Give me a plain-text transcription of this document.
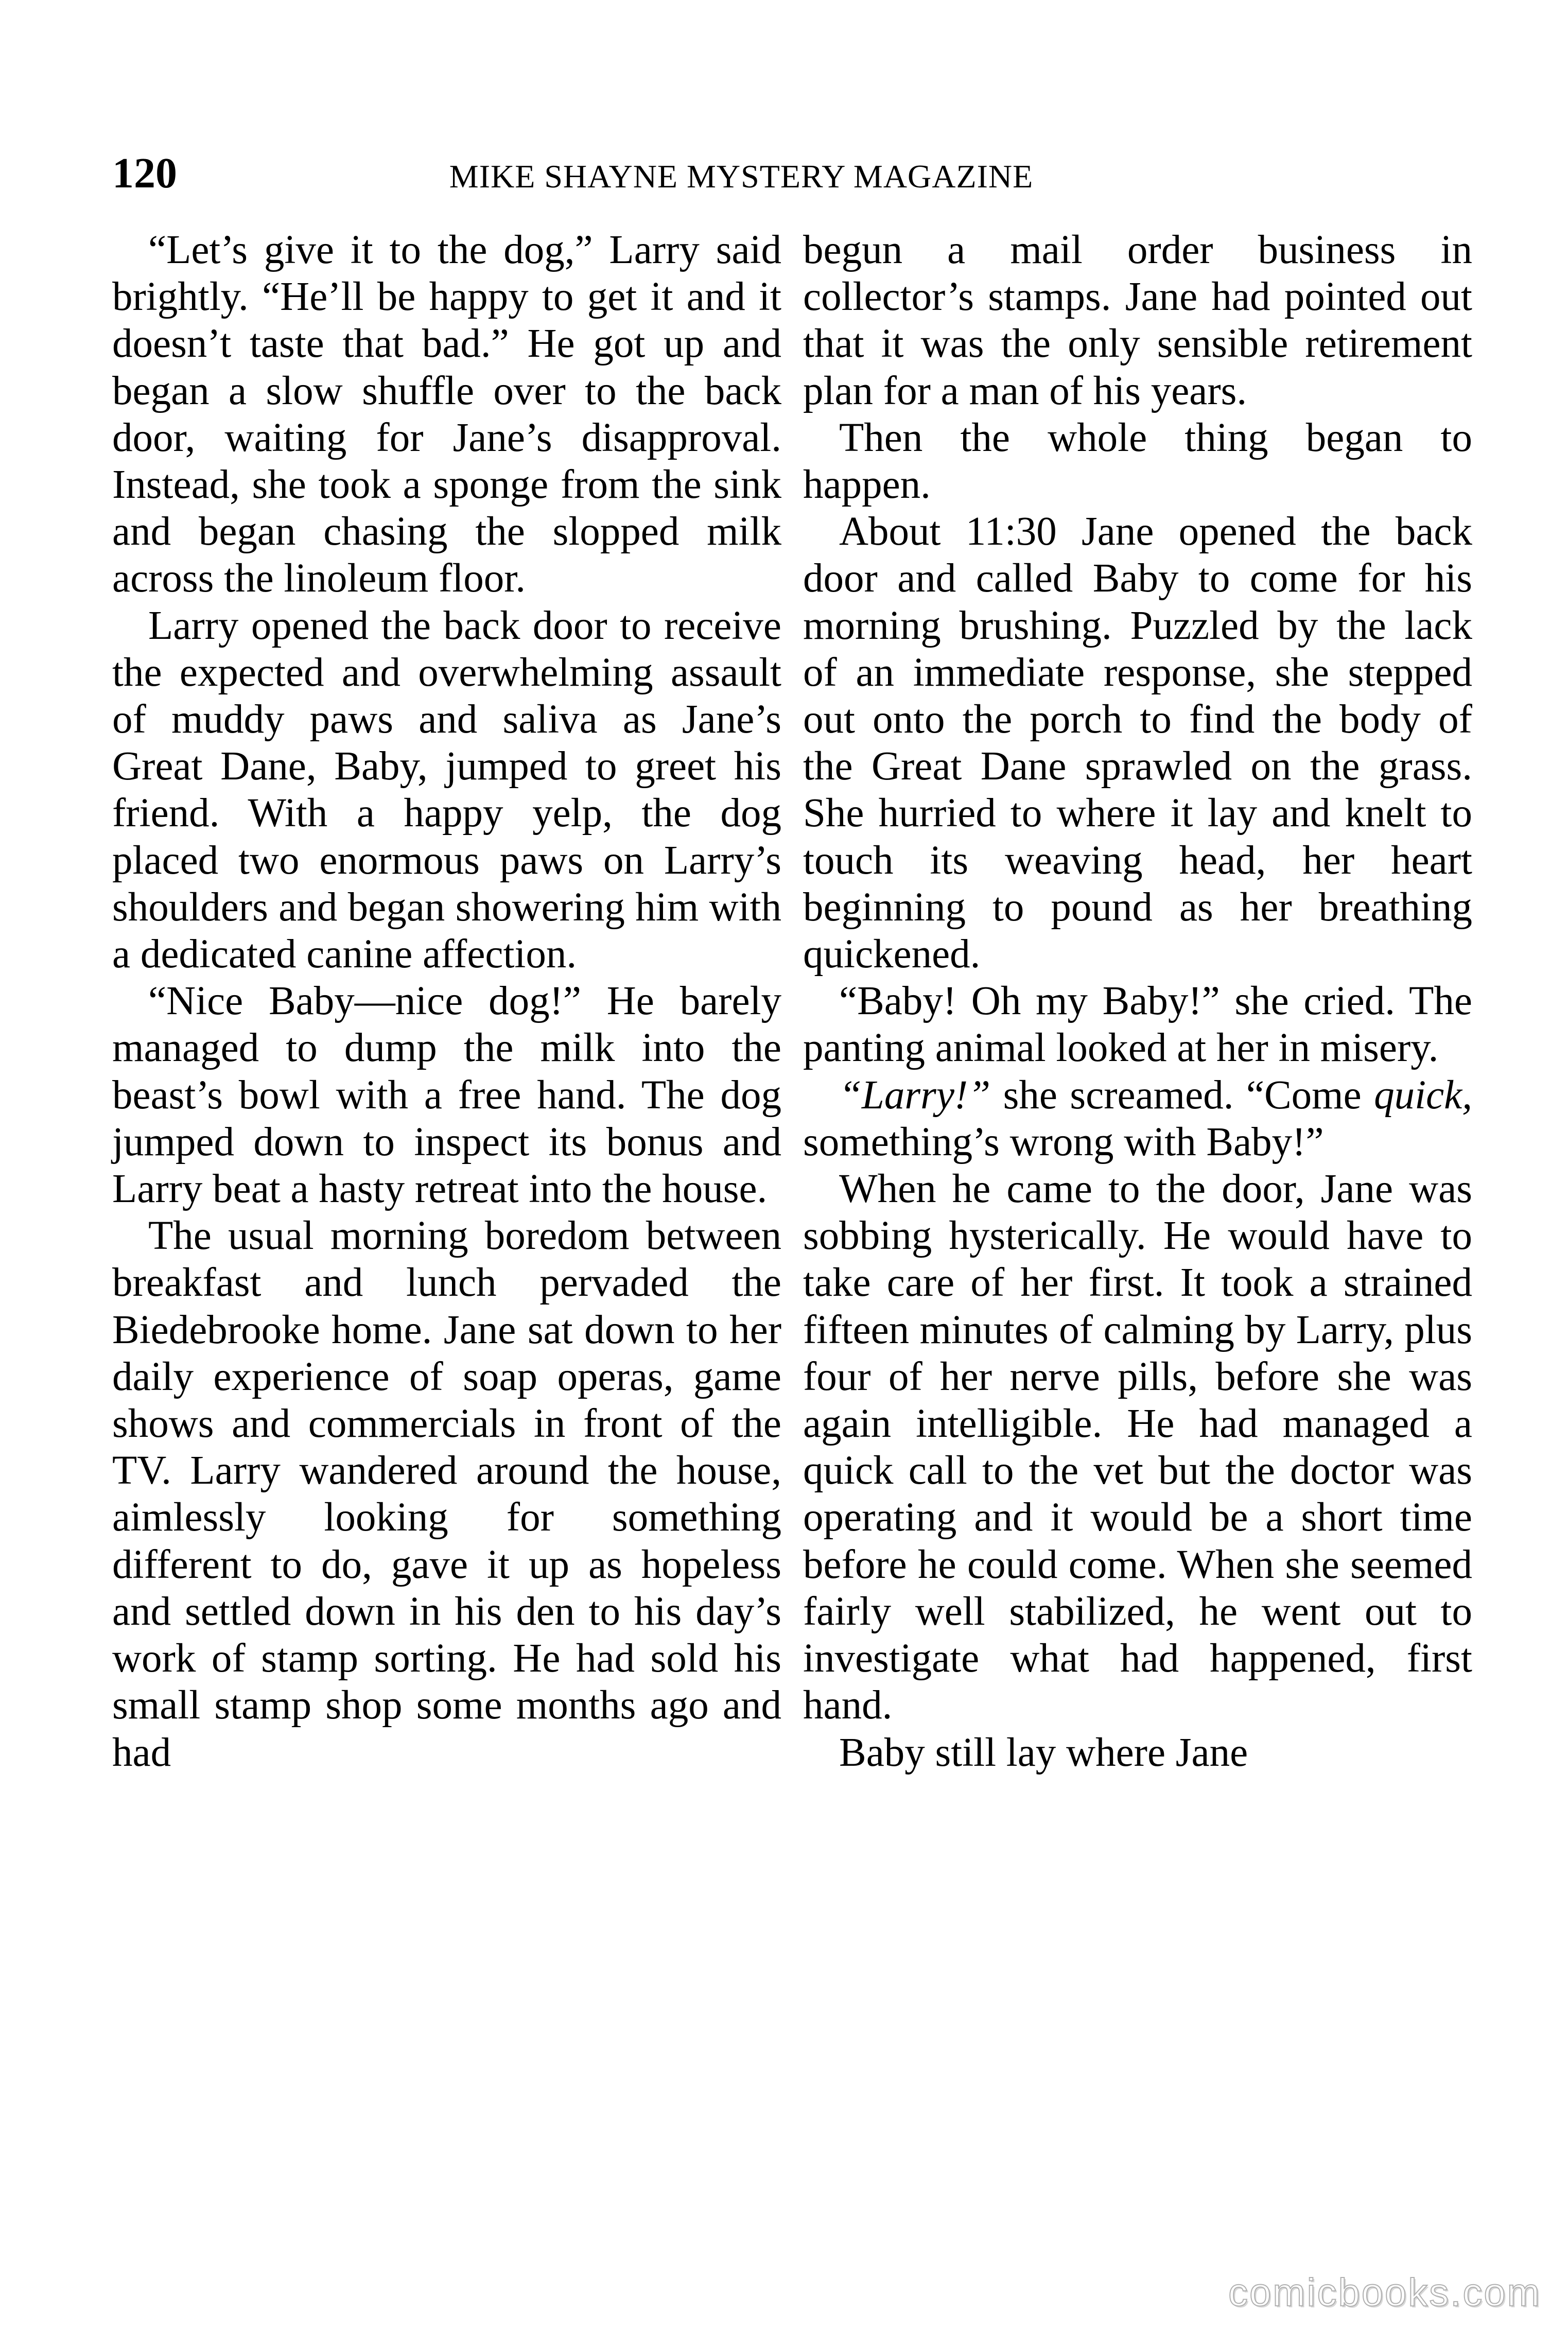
120	MIKE SHAYNE MYSTERY MAGAZINE

“Let’s give it to the dog,” Larry said brightly. “He’ll be happy to get it and it doesn’t taste that bad.” He got up and began a slow shuffle over to the back door, waiting for Jane’s disapproval. Instead, she took a sponge from the sink and began chasing the slopped milk across the linoleum floor.

Larry opened the back door to receive the expected and overwhelming assault of muddy paws and saliva as Jane’s Great Dane, Baby, jumped to greet his friend. With a happy yelp, the dog placed two enormous paws on Larry’s shoulders and began showering him with a dedicated canine affection.

“Nice Baby—nice dog!” He barely managed to dump the milk into the beast’s bowl with a free hand. The dog jumped down to inspect its bonus and Larry beat a hasty retreat into the house.

The usual morning boredom between breakfast and lunch pervaded the Biedebrooke home. Jane sat down to her daily experience of soap operas, game shows and commercials in front of the TV. Larry wandered around the house, aimlessly looking for something different to do, gave it up as hopeless and settled down in his den to his day’s work of stamp sorting. He had sold his small stamp shop some months ago and had

begun a mail order business in collector’s stamps. Jane had pointed out that it was the only sensible retirement plan for a man of his years.

Then the whole thing began to happen.

About 11:30 Jane opened the back door and called Baby to come for his morning brushing. Puzzled by the lack of an immediate response, she stepped out onto the porch to find the body of the Great Dane sprawled on the grass. She hurried to where it lay and knelt to touch its weaving head, her heart beginning to pound as her breathing quickened.

“Baby! Oh my Baby!” she cried. The panting animal looked at her in misery.

“Larry!” she screamed. “Come quick, something’s wrong with Baby!”

When he came to the door, Jane was sobbing hysterically. He would have to take care of her first. It took a strained fifteen minutes of calming by Larry, plus four of her nerve pills, before she was again intelligible. He had managed a quick call to the vet but the doctor was operating and it would be a short time before he could come. When she seemed fairly well stabilized, he went out to investigate what had happened, first hand.

Baby still lay where Jane

comicbooks.com
